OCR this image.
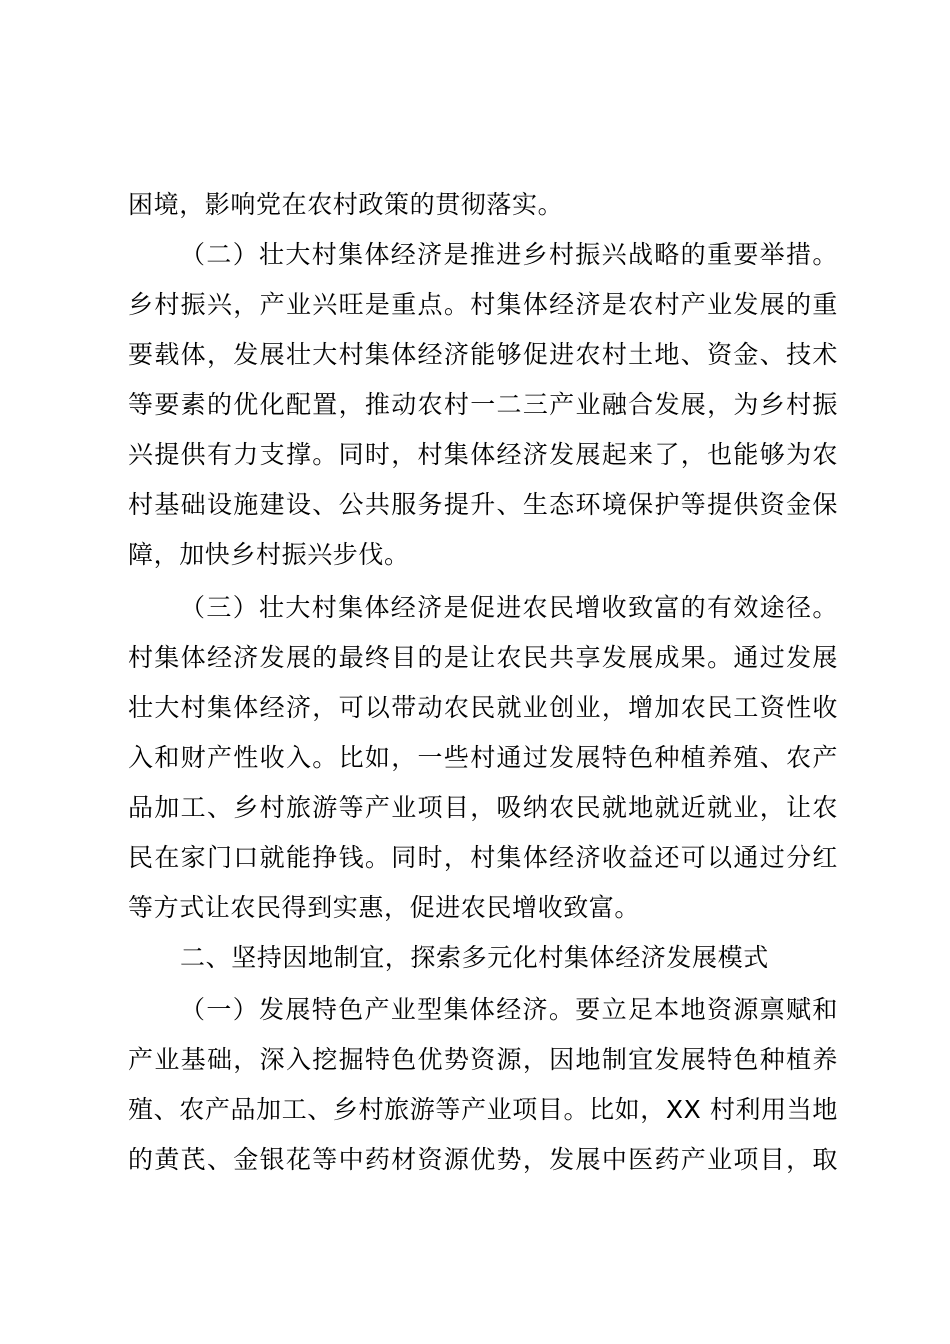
困境，影响党在农村政策的贯彻落实。
（二）壮大村集体经济是推进乡村振兴战略的重要举措。
乡村振兴，产业兴旺是重点。村集体经济是农村产业发展的重
要载体，发展壮大村集体经济能够促进农村土地、资金、技术
等要素的优化配置，推动农村一二三产业融合发展，为乡村振
兴提供有力支撑。同时，村集体经济发展起来了，也能够为农
村基础设施建设、公共服务提升、生态环境保护等提供资金保
障，加快乡村振兴步伐。
（三）壮大村集体经济是促进农民增收致富的有效途径。
村集体经济发展的最终目的是让农民共享发展成果。通过发展
壮大村集体经济，可以带动农民就业创业，增加农民工资性收
入和财产性收入。比如，一些村通过发展特色种植养殖、农产
品加工、乡村旅游等产业项目，吸纳农民就地就近就业，让农
民在家门口就能挣钱。同时，村集体经济收益还可以通过分红
等方式让农民得到实惠，促进农民增收致富。
二、坚持因地制宜，探索多元化村集体经济发展模式
（一）发展特色产业型集体经济。要立足本地资源禀赋和
产业基础，深入挖掘特色优势资源，因地制宜发展特色种植养
殖、农产品加工、乡村旅游等产业项目。比如，XX 村利用当地
的黄芪、金银花等中药材资源优势，发展中医药产业项目，取
